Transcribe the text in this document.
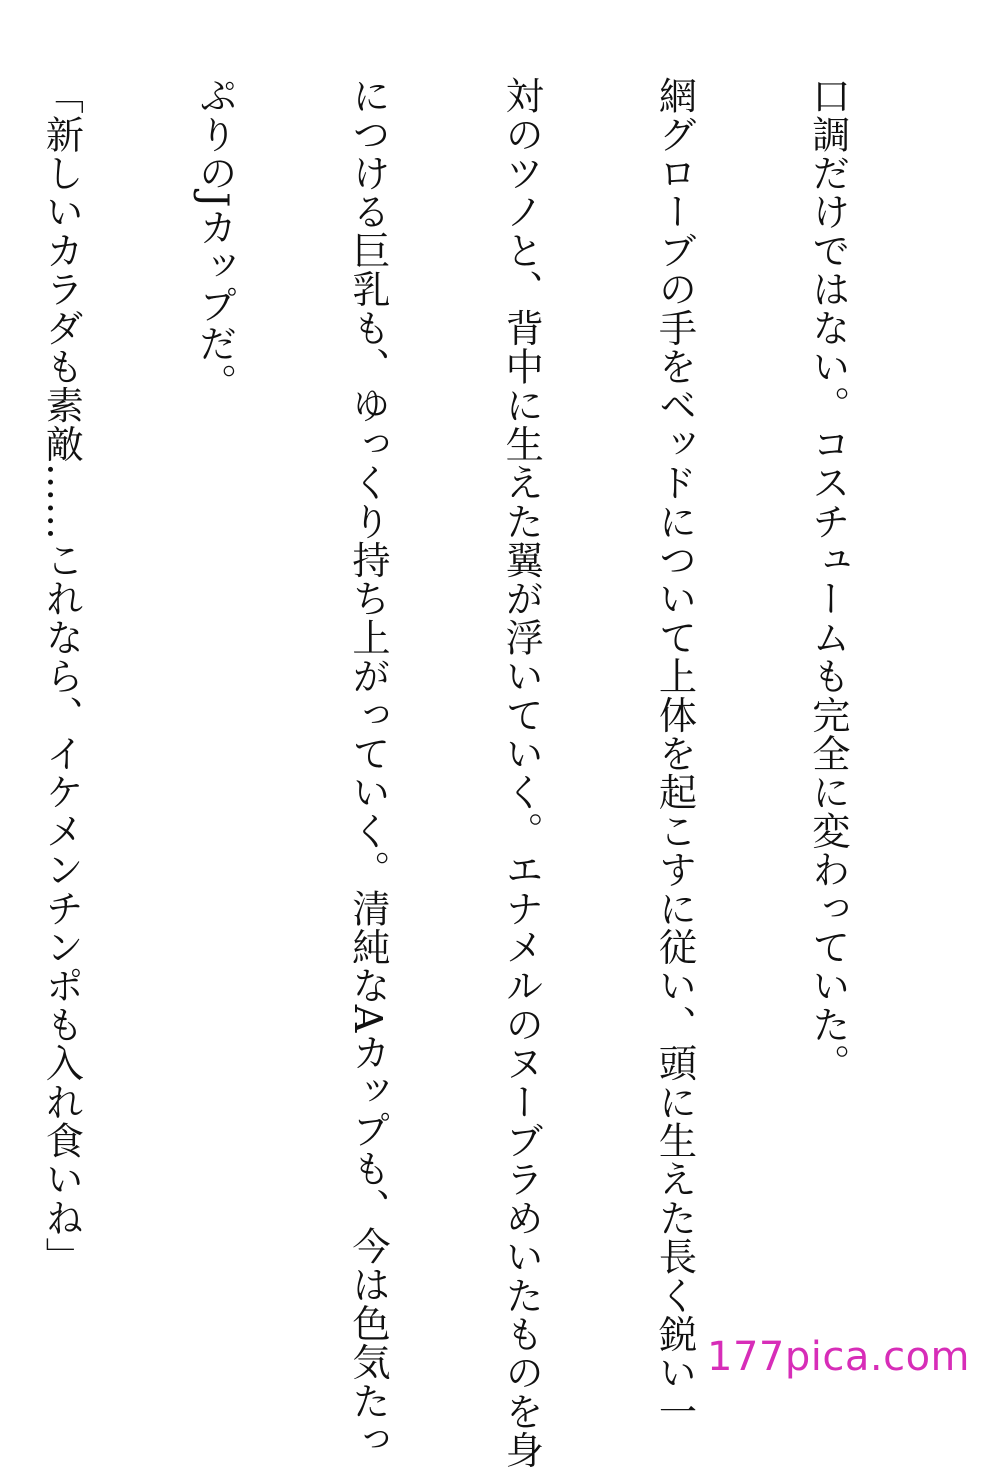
口調だけではない。コスチュームも完全に変わっていた。

網グローブの手をベッドについて上体を起こすに従い、頭に生えた長く鋭い一

対のツノと、背中に生えた翼が浮いていく。エナメルのヌーブラめいたものを身

につける巨乳も、ゆっくり持ち上がっていく。清純なAカップも、今は色気たっ

ぷりのJカップだ。

「新しいカラダも素敵……これなら、イケメンチンポも入れ食いね」

177pica.com
